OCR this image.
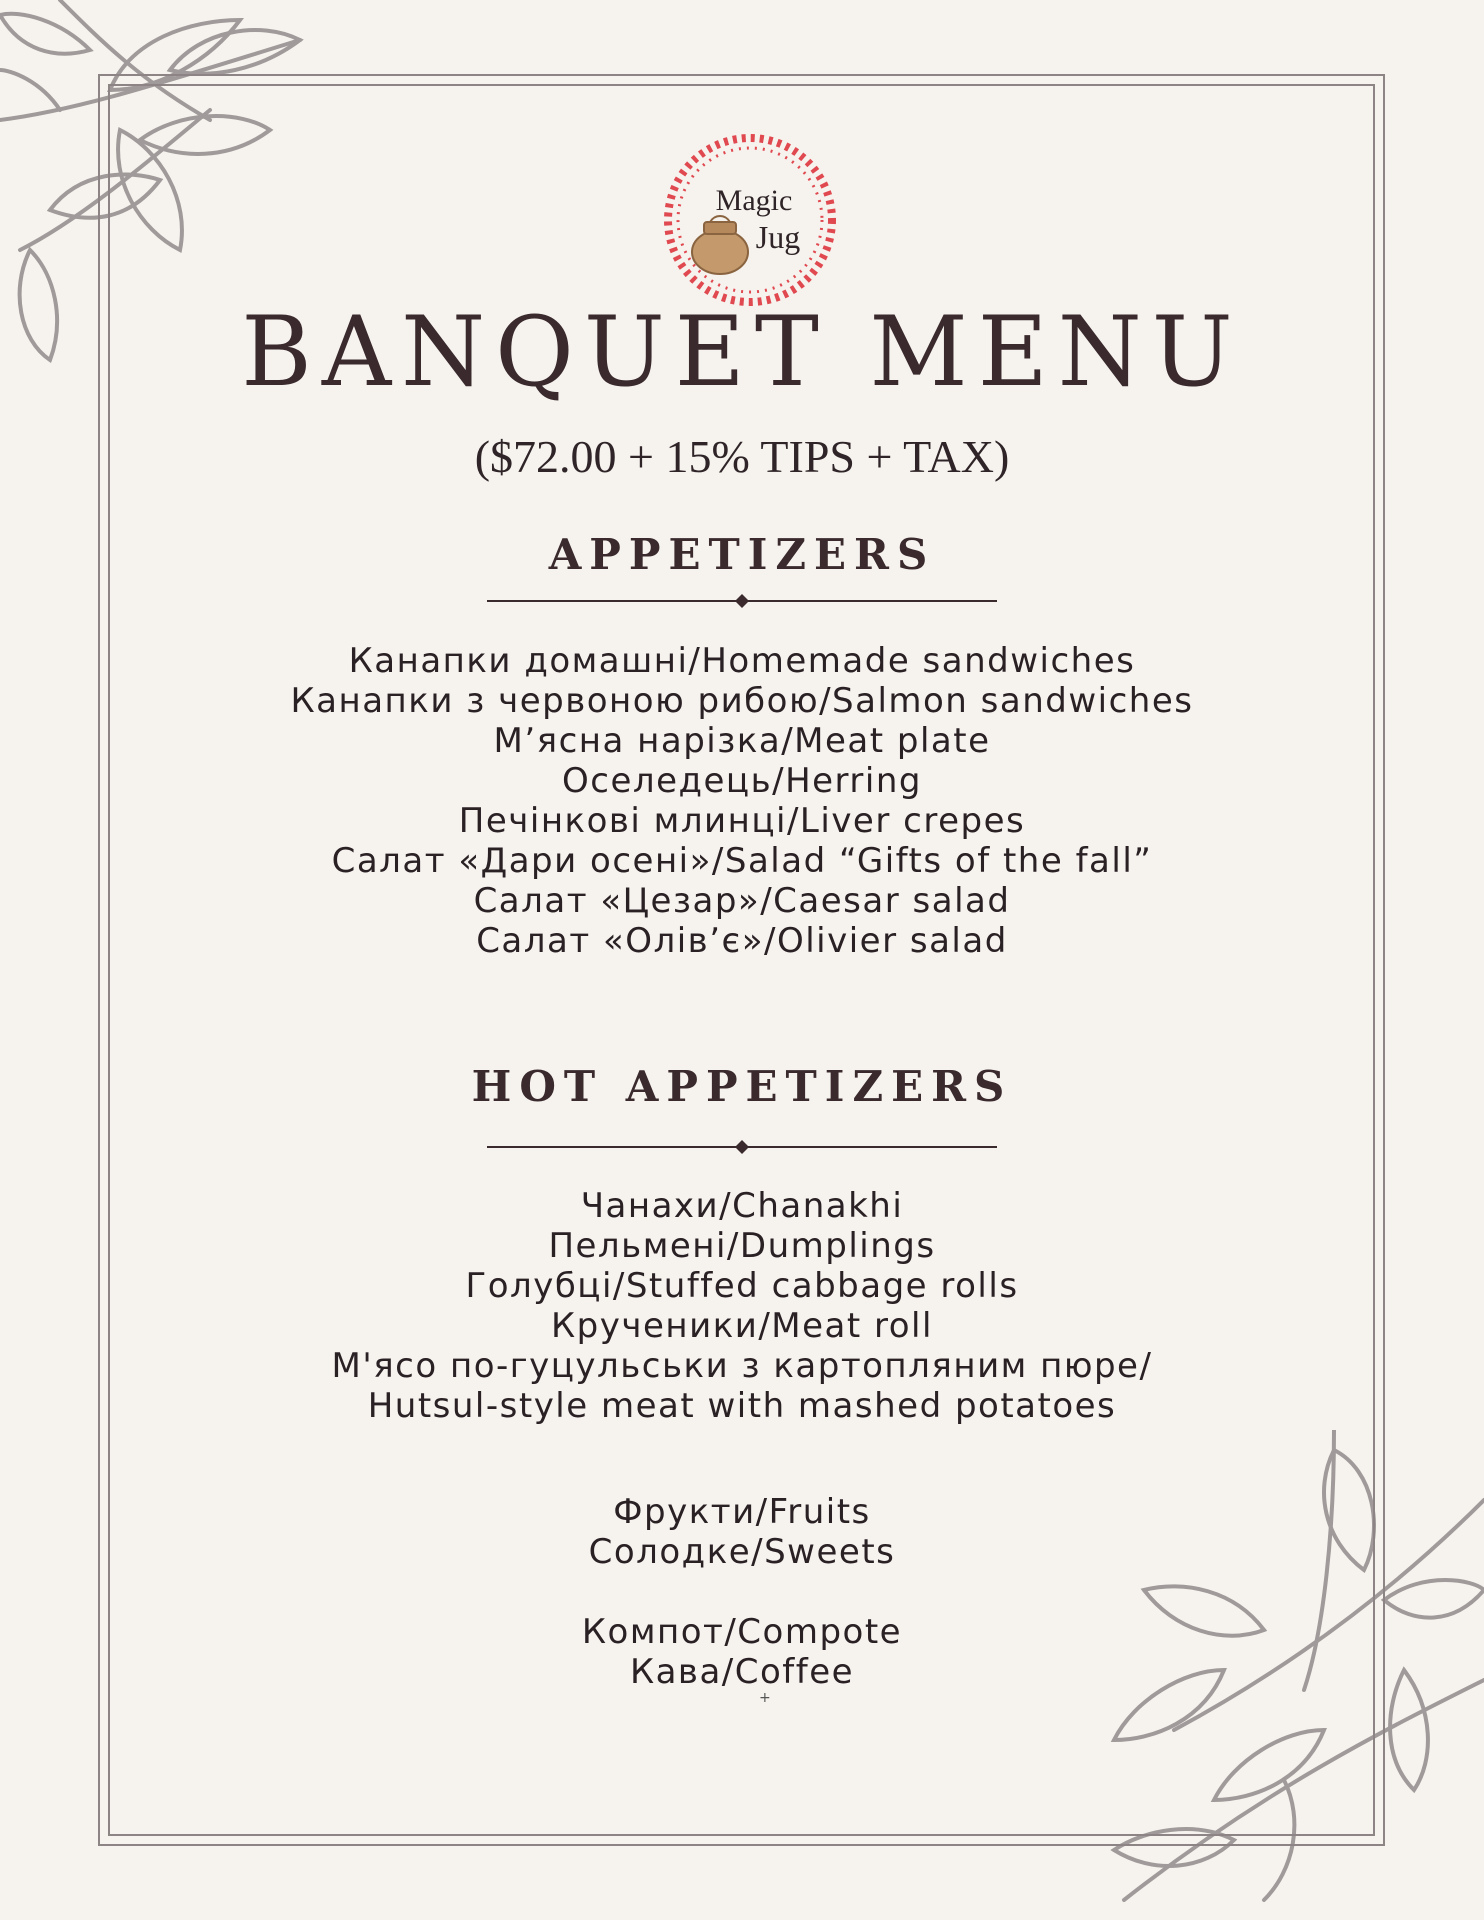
Magic
Jug
BANQUET MENU
($72.00 + 15% TIPS + TAX)
APPETIZERS
Канапки домашні/Homemade sandwiches
Канапки з червоною рибою/Salmon sandwiches
М’ясна нарізка/Meat plate
Оселедець/Herring
Печінкові млинці/Liver crepes
Салат «Дари осені»/Salad “Gifts of the fall”
Салат «Цезар»/Caesar salad
Салат «Олів’є»/Olivier salad
HOT APPETIZERS
Чанахи/Chanakhi
Пельмені/Dumplings
Голубці/Stuffed cabbage rolls
Крученики/Meat roll
М'ясо по-гуцульськи з картопляним пюре/
Hutsul-style meat with mashed potatoes
Фрукти/Fruits
Солодке/Sweets
Компот/Compote
Кава/Coffee
+
